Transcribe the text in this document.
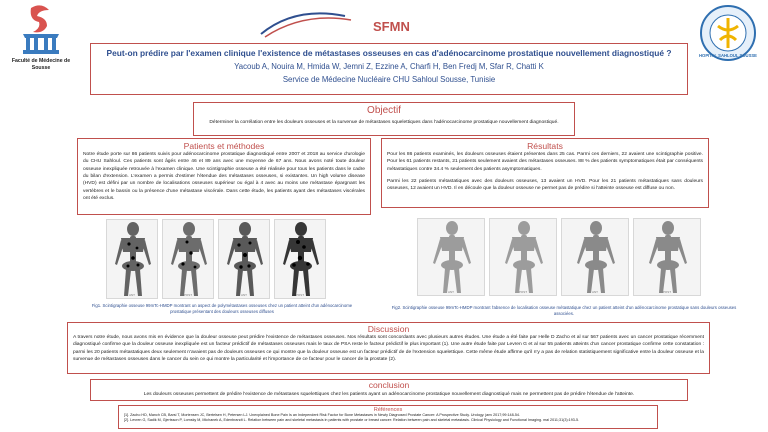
Faculté de Médecine de Sousse
SFMN
HOPITAL SAHLOUL SOUSSE
Peut-on prédire par l'examen clinique l'existence de métastases osseuses en cas d'adénocarcinome prostatique nouvellement diagnostiqué ?
Yacoub A, Nouira M, Hmida W, Jemni Z, Ezzine A, Charfi H, Ben Fredj M, Sfar R, Chatti K
Service de Médecine Nucléaire CHU Sahloul Sousse, Tunisie
Objectif

Déterminer la corrélation entre les douleurs osseuses et la survenue de métastases squelettiques dans l'adénocarcinome prostatique nouvellement diagnostiqué.

Patients et méthodes

Notre étude porte sur 86 patients suivis pour adénocarcinome prostatique diagnostiqué entre 2007 et 2018 au service d'urologie du CHU Sahloul. Ces patients sont âgés entre 46 et 89 ans avec une moyenne de 67 ans. Nous avons noté toute douleur osseuse inexpliquée retrouvée à l'examen clinique. Une scintigraphie osseuse a été réalisée pour tous les patients dans le cadre du bilan d'extension. L'examen a permis d'estimer l'étendue des métastases osseuses, si existantes. Un high volume disease (HVD) est défini par un nombre de localisations osseuses supérieur ou égal à 4 avec au moins une métastase épargnant les vertèbres et le bassin ou la présence d'une métastase viscérale. Dans cette étude, les patients ayant des métastases viscérales ont été exclus.

Résultats

Pour les 86 patients examinés, les douleurs osseuses étaient présentes dans 25 cas. Parmi ces derniers, 22 avaient une scintigraphie positive. Pour les 61 patients restants, 21 patients seulement avaient des métastases osseuses. 88 % des patients symptomatiques était par conséquents métastatiques contre 34.4 % seulement des patients asymptomatiques.

Parmi les 22 patients métastatiques avec des douleurs osseuses, 13 avaient un HVD. Pour les 21 patients métastatiques sans douleurs osseuses, 12 avaient un HVD. Il en découle que la douleur osseuse ne permet pas de prédire si l'atteinte osseuse est diffuse ou non.

ANT	POST	ANT	POST
ANT	POST	ANT	POST
Fig1. Scintigraphie osseuse 99mTc-HMDP montrant un aspect de polymétastases osseuses chez un patient atteint d'un adénocarcinome prostatique présentant des douleurs osseuses diffuses
Fig2. Scintigraphie osseuse 99mTc-HMDP montrant l'absence de localisation osseuse métastatique chez un patient atteint d'un adénocarcinome prostatique sans douleurs osseuses associées.
Discussion

A travers notre étude, nous avons mis en évidence que la douleur osseuse peut prédire l'existence de métastases osseuses. Nos résultats sont concordants avec plusieurs autres études. Une étude a été faite par Helle D Zacho et al sur 567 patients avec un cancer prostatique récemment diagnostiqué confirme que la douleur osseuse inexpliquée est un facteur prédictif de métastases osseuses mais le taux de PSA reste le facteur prédictif le plus important (1). Une autre étude faite par Levren G et al sur 55 patients atteints d'un cancer prostatique confirme cette constatation : parmi les 20 patients métastatiques deux seulement n'avaient pas de douleurs osseuses ce qui montre que la douleur osseuse est un facteur prédictif de de l'extension squelettique. Cette même étude affirme qu'il n'y a pas de relation statistiquement significative entre la douleur osseuse et la survenue de métastases osseuses dans le cancer du sein ce qui montre la particularité et l'importance de ce facteur pour le cancer de la prostate (2).

conclusion

Les douleurs osseuses permettent de prédire l'existence de métastases squelettiques chez les patients ayant un adénocarcinome prostatique nouvellement diagnostiqué mais ne permettent pas de prédire l'étendue de l'atteinte.

Références

[1]. Zacho HD, Manch CB, Barsi T, Mortensen JC, Bertelsen H, Petersen LJ. Unexplained Bone Pain Is an Independent Risk Factor for Bone Metastases in Newly Diagnosed Prostate Cancer: A Prospective Study. Urology. janv 2017;99:148-54.

[2]. Levren G, Sadik M, Gjertsson P, Lomsky M, Michanek A, Edenbrandt L. Relation between pain and skeletal metastasis in patients with prostate or breast cancer: Relation between pain and skeletal metastasis. Clinical Physiology and Functional Imaging. mai 2011;31(3):193-5.
